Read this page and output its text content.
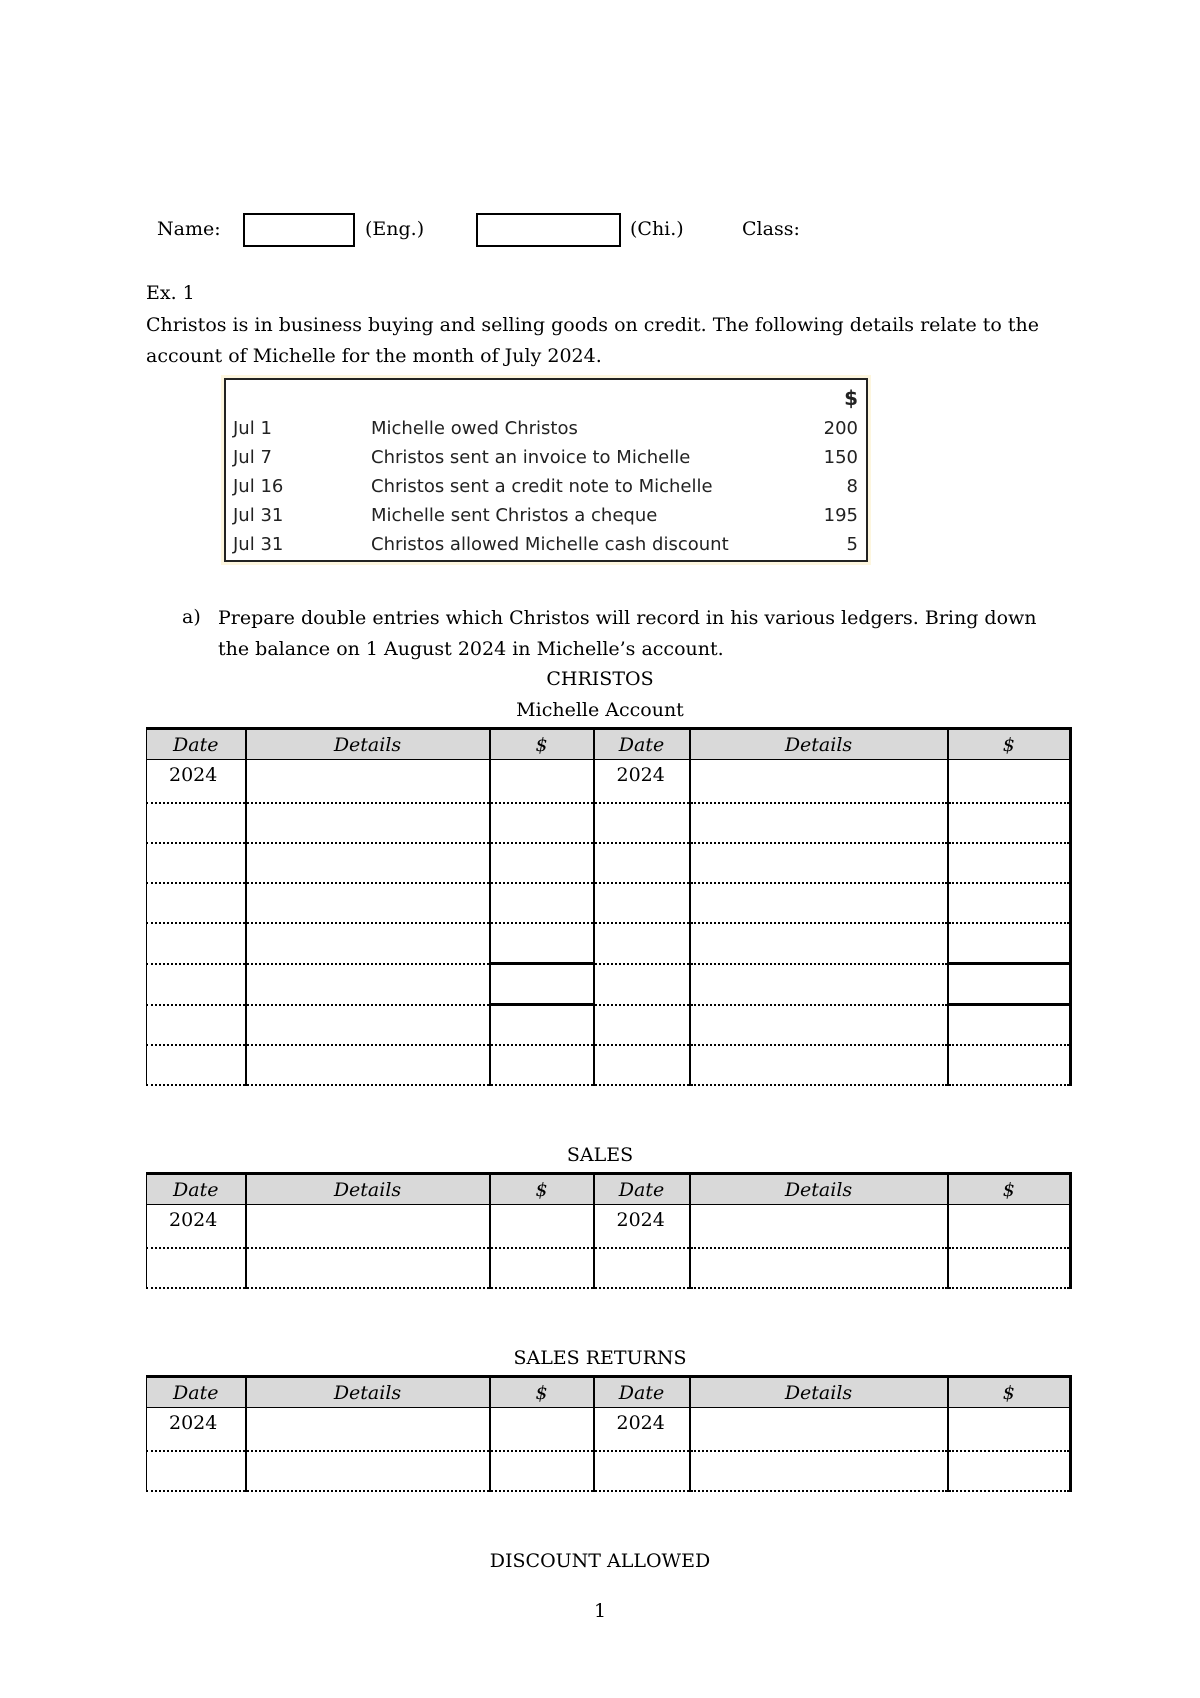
Name:	(Eng.)	(Chi.)	Class:
Ex. 1
Christos is in business buying and selling goods on credit. The following details relate to the account of Michelle for the month of July 2024.
$
Jul 1	Michelle owed Christos	200
Jul 7	Christos sent an invoice to Michelle	150
Jul 16	Christos sent a credit note to Michelle	8
Jul 31	Michelle sent Christos a cheque	195
Jul 31	Christos allowed Michelle cash discount	5
a) Prepare double entries which Christos will record in his various ledgers. Bring down the balance on 1 August 2024 in Michelle’s account.
CHRISTOS
Michelle Account
Date	Details	$	Date	Details	$
2024			2024		

SALES
Date	Details	$	Date	Details	$
2024			2024		

SALES RETURNS
Date	Details	$	Date	Details	$
2024			2024		

DISCOUNT ALLOWED
1
